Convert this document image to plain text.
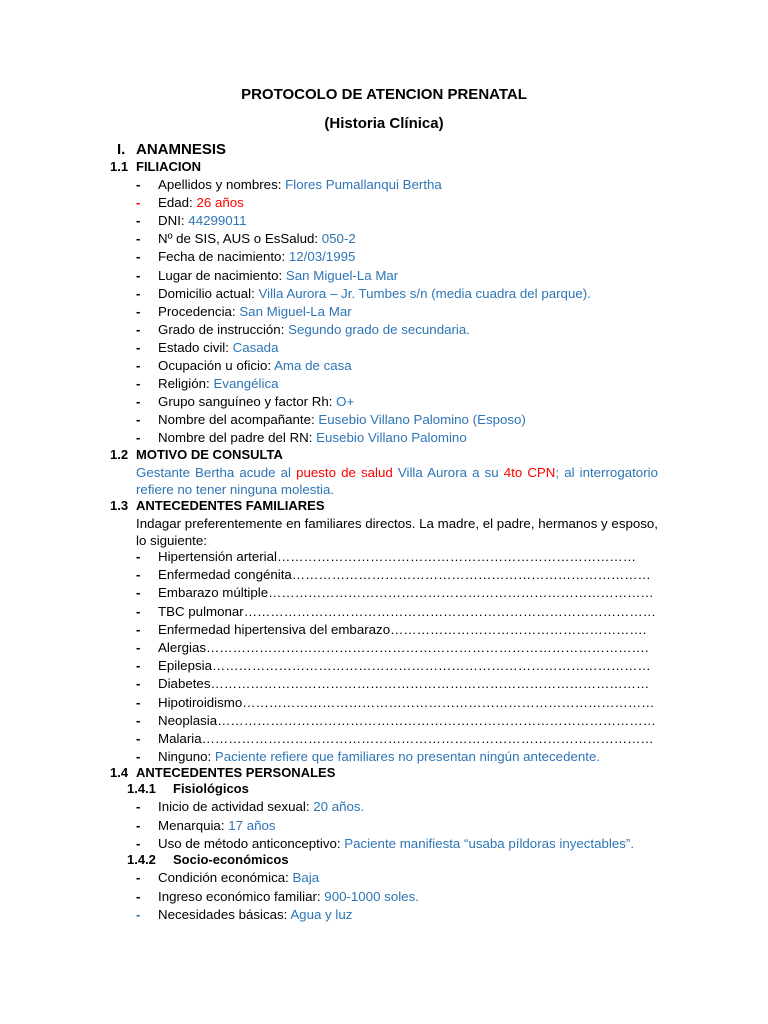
PROTOCOLO DE ATENCION PRENATAL
(Historia Clínica)
I. ANAMNESIS
1.1 FILIACION
- Apellidos y nombres: Flores Pumallanqui Bertha
- Edad: 26 años
- DNI: 44299011
- Nº de SIS, AUS o EsSalud: 050-2
- Fecha de nacimiento: 12/03/1995
- Lugar de nacimiento: San Miguel-La Mar
- Domicilio actual: Villa Aurora – Jr. Tumbes s/n (media cuadra del parque).
- Procedencia: San Miguel-La Mar
- Grado de instrucción: Segundo grado de secundaria.
- Estado civil: Casada
- Ocupación u oficio: Ama de casa
- Religión: Evangélica
- Grupo sanguíneo y factor Rh: O+
- Nombre del acompañante: Eusebio Villano Palomino (Esposo)
- Nombre del padre del RN: Eusebio Villano Palomino
1.2 MOTIVO DE CONSULTA
Gestante Bertha acude al puesto de salud Villa Aurora a su 4to CPN; al interrogatorio refiere no tener ninguna molestia.
1.3 ANTECEDENTES FAMILIARES
Indagar preferentemente en familiares directos. La madre, el padre, hermanos y esposo, lo siguiente:
- Hipertensión arterial………………………………………………………………………
- Enfermedad congénita………………………………………………………………………
- Embarazo múltiple……………………………………………………………………………
- TBC pulmonar…………………………………………………………………………………
- Enfermedad hipertensiva del embarazo………………………………………………….
- Alergias……………………………………………………………………………………….
- Epilepsia………………………………………………………………………………………
- Diabetes………………………………………………………………………………………
- Hipotiroidismo…………………………………………………………………………………
- Neoplasia………………………………………………………………………………………
- Malaria…………………………………………………………………………………………
- Ninguno: Paciente refiere que familiares no presentan ningún antecedente.
1.4 ANTECEDENTES PERSONALES
1.4.1 Fisiológicos
- Inicio de actividad sexual: 20 años.
- Menarquia: 17 años
- Uso de método anticonceptivo: Paciente manifiesta “usaba píldoras inyectables”.
1.4.2 Socio-económicos
- Condición económica: Baja
- Ingreso económico familiar: 900-1000 soles.
- Necesidades básicas: Agua y luz
